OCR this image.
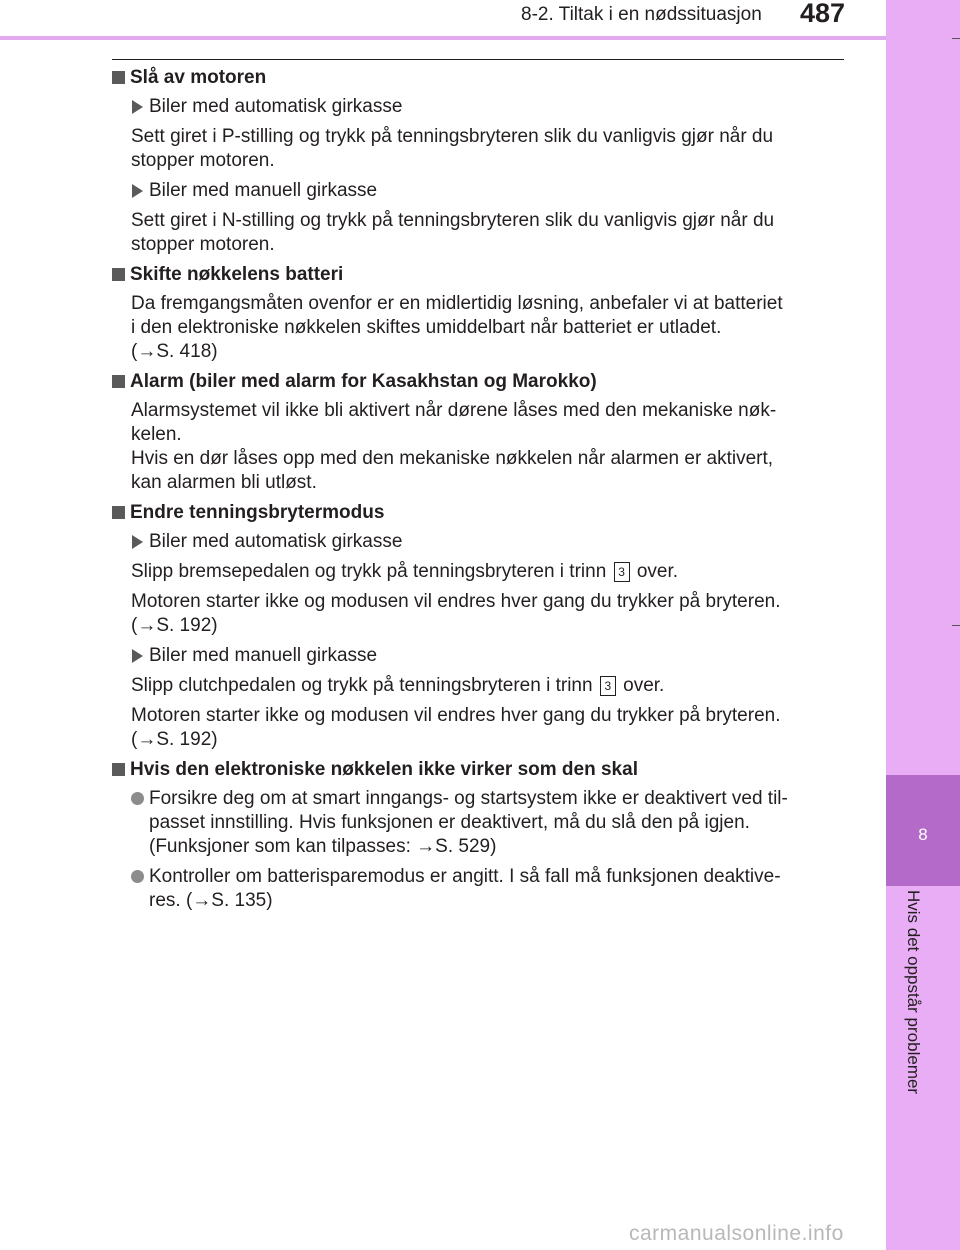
8-2. Tiltak i en nødssituasjon 487
8
Hvis det oppstår problemer
Slå av motoren
Biler med automatisk girkasse
Sett giret i P-stilling og trykk på tenningsbryteren slik du vanligvis gjør når du
stopper motoren.
Biler med manuell girkasse
Sett giret i N-stilling og trykk på tenningsbryteren slik du vanligvis gjør når du
stopper motoren.
Skifte nøkkelens batteri
Da fremgangsmåten ovenfor er en midlertidig løsning, anbefaler vi at batteriet
i den elektroniske nøkkelen skiftes umiddelbart når batteriet er utladet.
(→S. 418)
Alarm (biler med alarm for Kasakhstan og Marokko)
Alarmsystemet vil ikke bli aktivert når dørene låses med den mekaniske nøk-
kelen.
Hvis en dør låses opp med den mekaniske nøkkelen når alarmen er aktivert,
kan alarmen bli utløst.
Endre tenningsbrytermodus
Biler med automatisk girkasse
Slipp bremsepedalen og trykk på tenningsbryteren i trinn 3 over.
Motoren starter ikke og modusen vil endres hver gang du trykker på bryteren.
(→S. 192)
Biler med manuell girkasse
Slipp clutchpedalen og trykk på tenningsbryteren i trinn 3 over.
Motoren starter ikke og modusen vil endres hver gang du trykker på bryteren.
(→S. 192)
Hvis den elektroniske nøkkelen ikke virker som den skal
Forsikre deg om at smart inngangs- og startsystem ikke er deaktivert ved til-
passet innstilling. Hvis funksjonen er deaktivert, må du slå den på igjen.
(Funksjoner som kan tilpasses: →S. 529)
Kontroller om batterisparemodus er angitt. I så fall må funksjonen deaktive-
res. (→S. 135)
carmanualsonline.info
